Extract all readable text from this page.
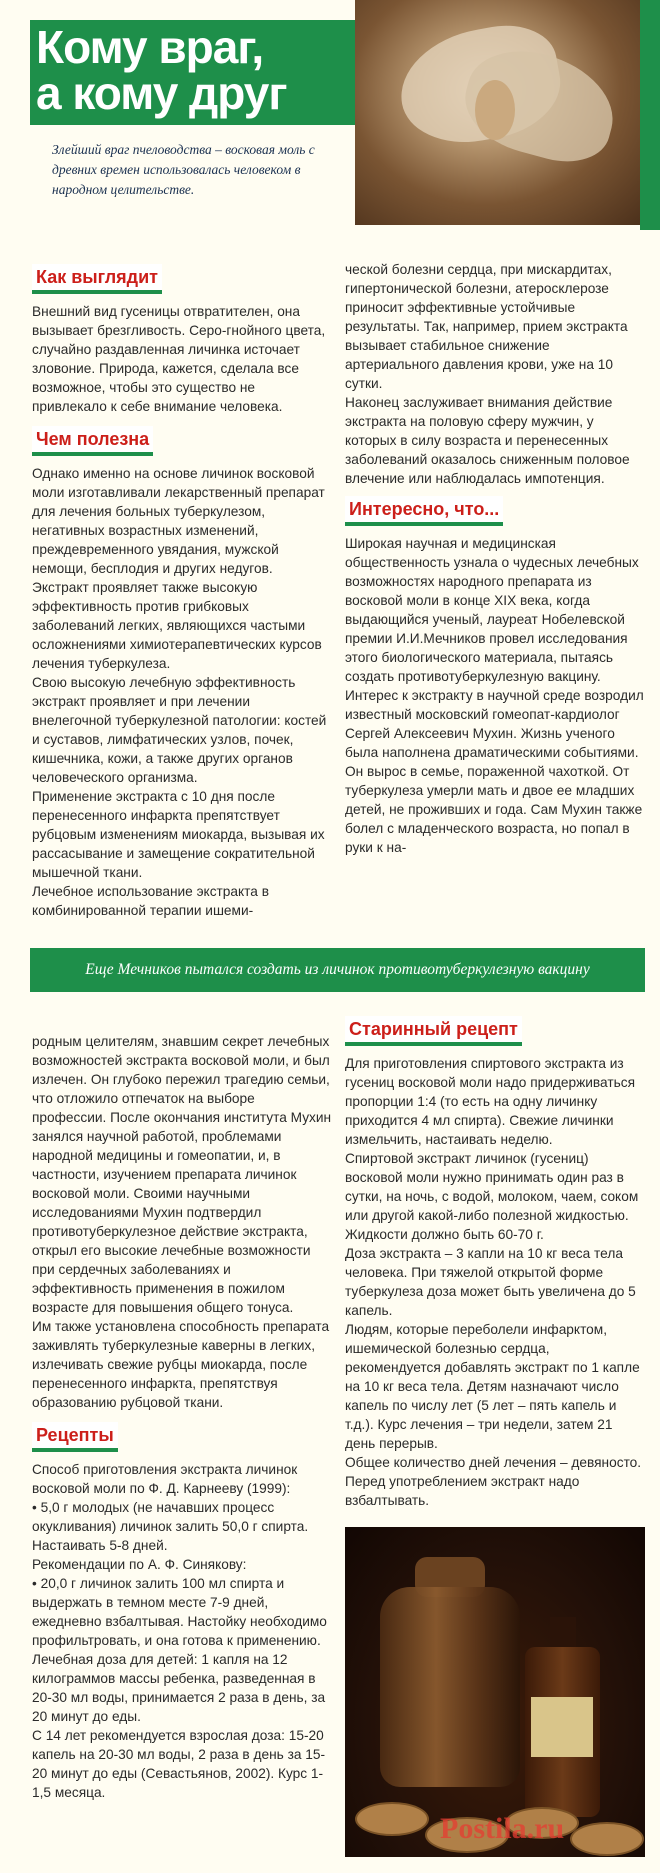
Кому враг,
а кому друг

Злейший враг пчеловодства – восковая моль с древних времен использовалась человеком в народном целительстве.

Как выглядит

Внешний вид гусеницы отвратителен, она вызывает брезгливость. Серо-гнойного цвета, случайно раздавленная личинка источает зловоние. Природа, кажется, сделала все возможное, чтобы это существо не привлекало к себе внимание человека.

Чем полезна

Однако именно на основе личинок восковой моли изготавливали лекарственный препарат для лечения больных туберкулезом, негативных возрастных изменений, преждевременного увядания, мужской немощи, бесплодия и других недугов.

Экстракт проявляет также высокую эффективность против грибковых заболеваний легких, являющихся частыми осложнениями химиотерапевтических курсов лечения туберкулеза.

Свою высокую лечебную эффективность экстракт проявляет и при лечении внелегочной туберкулезной патологии: костей и суставов, лимфатических узлов, почек, кишечника, кожи, а также других органов человеческого организма.

Применение экстракта с 10 дня после перенесенного инфаркта препятствует рубцовым изменениям миокарда, вызывая их рассасывание и замещение сократительной мышечной ткани.

Лечебное использование экстракта в комбинированной терапии ишеми-

ческой болезни сердца, при мискардитах, гипертонической болезни, атеросклерозе приносит эффективные устойчивые результаты. Так, например, прием экстракта вызывает стабильное снижение артериального давления крови, уже на 10 сутки.

Наконец заслуживает внимания действие экстракта на половую сферу мужчин, у которых в силу возраста и перенесенных заболеваний оказалось сниженным половое влечение или наблюдалась импотенция.

Интересно, что...

Широкая научная и медицинская общественность узнала о чудесных лечебных возможностях народного препарата из восковой моли в конце XIX века, когда выдающийся ученый, лауреат Нобелевской премии И.И.Мечников провел исследования этого биологического материала, пытаясь создать противотуберкулезную вакцину.

Интерес к экстракту в научной среде возродил известный московский гомеопат-кардиолог Сергей Алексеевич Мухин. Жизнь ученого была наполнена драматическими событиями. Он вырос в семье, пораженной чахоткой. От туберкулеза умерли мать и двое ее младших детей, не проживших и года. Сам Мухин также болел с младенческого возраста, но попал в руки к на-

Еще Мечников пытался создать из личинок противотуберкулезную вакцину

родным целителям, знавшим секрет лечебных возможностей экстракта восковой моли, и был излечен. Он глубоко пережил трагедию семьи, что отложило отпечаток на выборе профессии. После окончания института Мухин занялся научной работой, проблемами народной медицины и гомеопатии, и, в частности, изучением препарата личинок восковой моли. Своими научными исследованиями Мухин подтвердил противотуберкулезное действие экстракта, открыл его высокие лечебные возможности при сердечных заболеваниях и эффективность применения в пожилом возрасте для повышения общего тонуса.

Им также установлена способность препарата заживлять туберкулезные каверны в легких, излечивать свежие рубцы миокарда, после перенесенного инфаркта, препятствуя образованию рубцовой ткани.

Рецепты

Способ приготовления экстракта личинок восковой моли по Ф. Д. Карнееву (1999):

• 5,0 г молодых (не начавших процесс окукливания) личинок залить 50,0 г спирта. Настаивать 5-8 дней.

Рекомендации по А. Ф. Синякову:

• 20,0 г личинок залить 100 мл спирта и выдержать в темном месте 7-9 дней, ежедневно взбалтывая. Настойку необходимо профильтровать, и она готова к применению.

Лечебная доза для детей: 1 капля на 12 килограммов массы ребенка, разведенная в 20-30 мл воды, принимается 2 раза в день, за 20 минут до еды.

С 14 лет рекомендуется взрослая доза: 15-20 капель на 20-30 мл воды, 2 раза в день за 15-20 минут до еды (Севастьянов, 2002). Курс 1-1,5 месяца.

Старинный рецепт

Для приготовления спиртового экстракта из гусениц восковой моли надо придерживаться пропорции 1:4 (то есть на одну личинку приходится 4 мл спирта). Свежие личинки измельчить, настаивать неделю.

Спиртовой экстракт личинок (гусениц) восковой моли нужно принимать один раз в сутки, на ночь, с водой, молоком, чаем, соком или другой какой-либо полезной жидкостью. Жидкости должно быть 60-70 г.

Доза экстракта – 3 капли на 10 кг веса тела человека. При тяжелой открытой форме туберкулеза доза может быть увеличена до 5 капель.

Людям, которые переболели инфарктом, ишемической болезнью сердца, рекомендуется добавлять экстракт по 1 капле на 10 кг веса тела. Детям назначают число капель по числу лет (5 лет – пять капель и т.д.). Курс лечения – три недели, затем 21 день перерыв.

Общее количество дней лечения – девяносто. Перед употреблением экстракт надо взбалтывать.

Postila.ru
